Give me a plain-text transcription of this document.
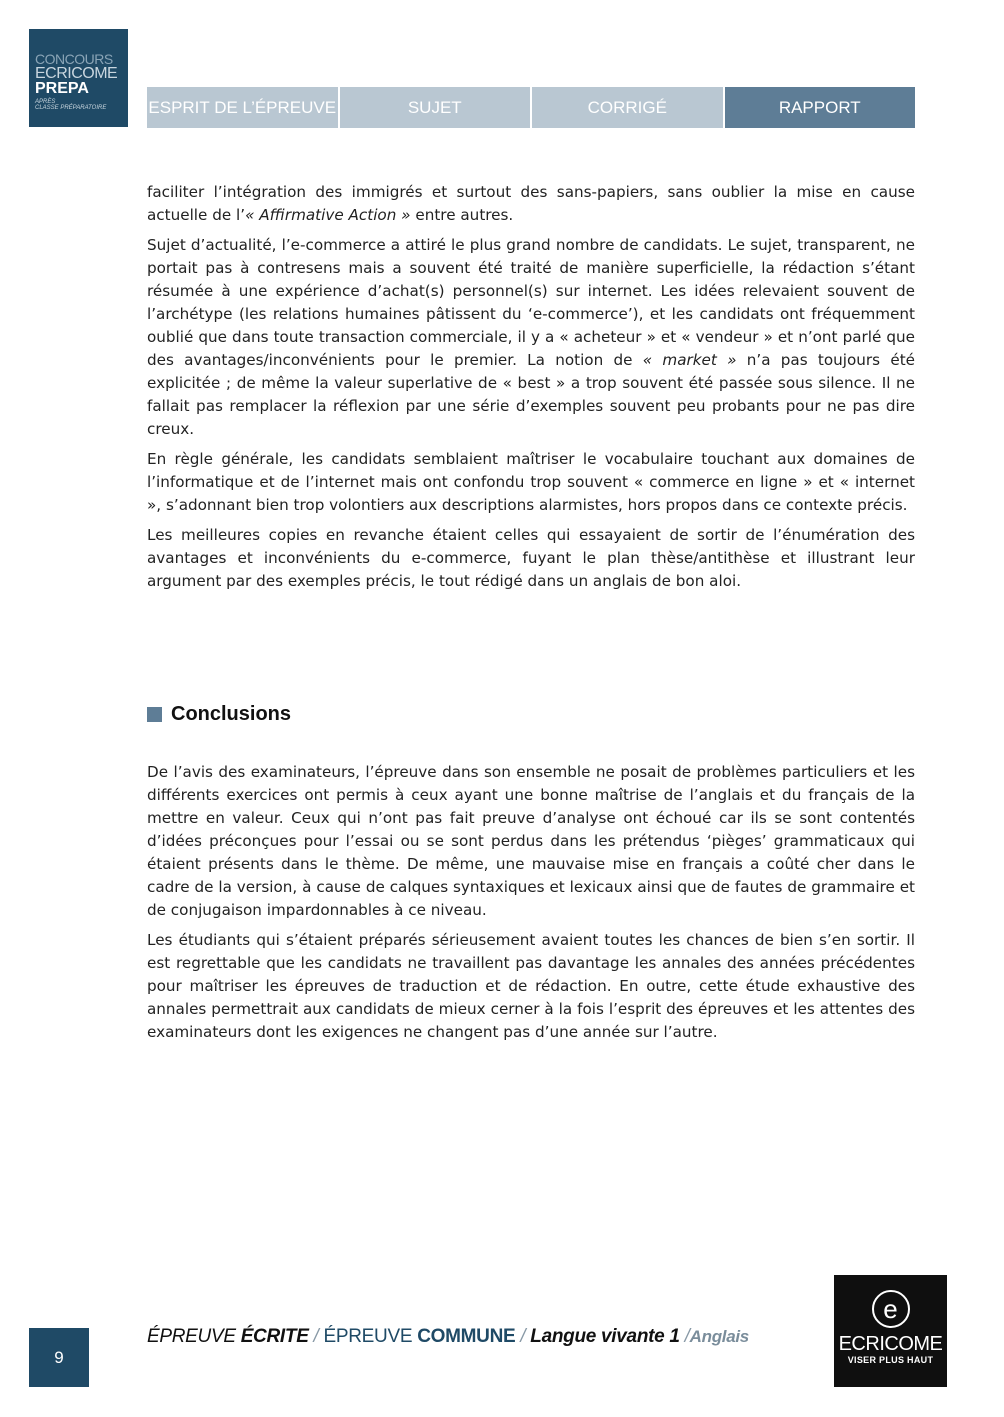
CONCOURS
ECRICOME
PREPA
APRÈS
CLASSE PRÉPARATOIRE	ESPRIT DE L’ÉPREUVE	SUJET	CORRIGÉ	RAPPORT

faciliter l’intégration des immigrés et surtout des sans-papiers, sans oublier la mise en cause actuelle de l’« Affirmative Action » entre autres.

Sujet d’actualité, l’e-commerce a attiré le plus grand nombre de candidats. Le sujet, transparent, ne portait pas à contresens mais a souvent été traité de manière superficielle, la rédaction s’étant résumée à une expérience d’achat(s) personnel(s) sur internet. Les idées relevaient souvent de l’archétype (les relations humaines pâtissent du ‘e-commerce’), et les candidats ont fréquemment oublié que dans toute transaction commerciale, il y a « acheteur » et « vendeur » et n’ont parlé que des avantages/inconvénients pour le premier. La notion de « market » n’a pas toujours été explicitée ; de même la valeur superlative de « best » a trop souvent été passée sous silence. Il ne fallait pas remplacer la réflexion par une série d’exemples souvent peu probants pour ne pas dire creux.

En règle générale, les candidats semblaient maîtriser le vocabulaire touchant aux domaines de l’informatique et de l’internet mais ont confondu trop souvent « commerce en ligne » et « internet », s’adonnant bien trop volontiers aux descriptions alarmistes, hors propos dans ce contexte précis.

Les meilleures copies en revanche étaient celles qui essayaient de sortir de l’énumération des avantages et inconvénients du e-commerce, fuyant le plan thèse/antithèse et illustrant leur argument par des exemples précis, le tout rédigé dans un anglais de bon aloi.

Conclusions

De l’avis des examinateurs, l’épreuve dans son ensemble ne posait de problèmes particuliers et les différents exercices ont permis à ceux ayant une bonne maîtrise de l’anglais et du français de la mettre en valeur. Ceux qui n’ont pas fait preuve d’analyse ont échoué car ils se sont contentés d’idées préconçues pour l’essai ou se sont perdus dans les prétendus ‘pièges’ grammaticaux qui étaient présents dans le thème. De même, une mauvaise mise en français a coûté cher dans le cadre de la version, à cause de calques syntaxiques et lexicaux ainsi que de fautes de grammaire et de conjugaison impardonnables à ce niveau.

Les étudiants qui s’étaient préparés sérieusement avaient toutes les chances de bien s’en sortir. Il est regrettable que les candidats ne travaillent pas davantage les annales des années précédentes pour maîtriser les épreuves de traduction et de rédaction. En outre, cette étude exhaustive des annales permettrait aux candidats de mieux cerner à la fois l’esprit des épreuves et les attentes des examinateurs dont les exigences ne changent pas d’une année sur l’autre.

9
ÉPREUVE ÉCRITE / ÉPREUVE COMMUNE / Langue vivante 1 /Anglais
e
ECRICOME
VISER PLUS HAUT
